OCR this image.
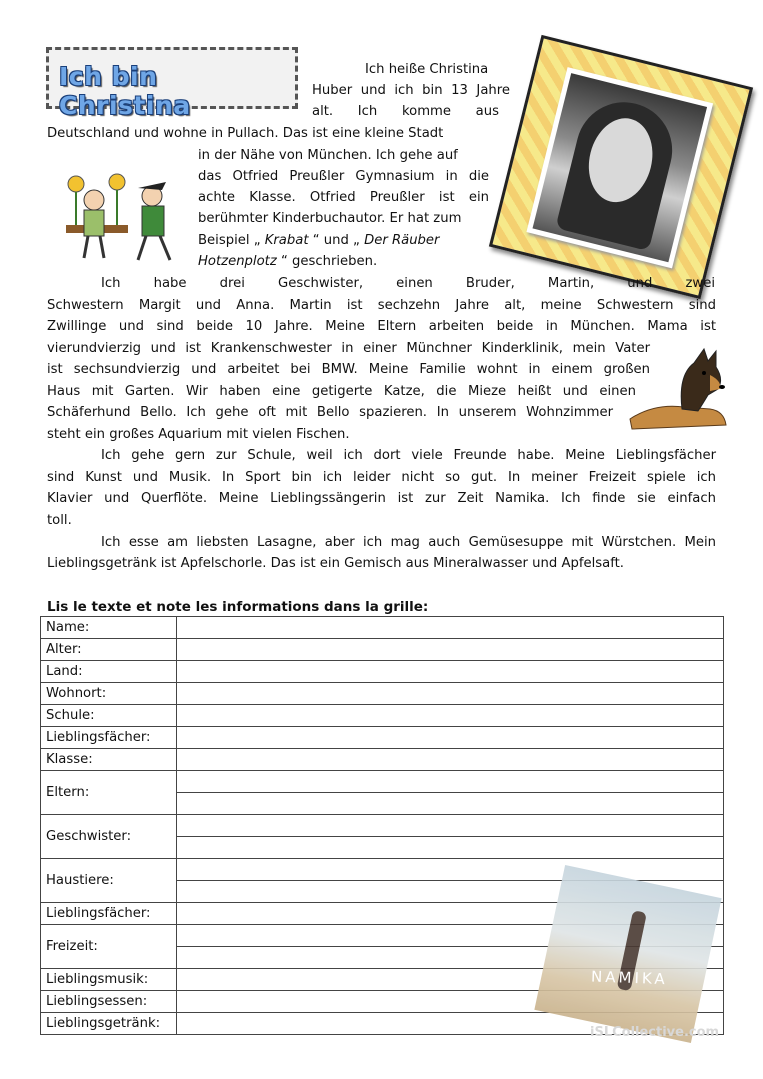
Ich bin Christina
Ich heiße Christina
Huber und ich bin 13 Jahre
alt. Ich komme aus
Deutschland und wohne in Pullach. Das ist eine kleine Stadt
in der Nähe von München. Ich gehe auf
das Otfried Preußler Gymnasium in die
achte Klasse. Otfried Preußler ist ein
berühmter Kinderbuchautor. Er hat zum
Beispiel „ Krabat “ und „ Der Räuber
Hotzenplotz “ geschrieben.
Ich habe drei Geschwister, einen Bruder, Martin, und zwei
Schwestern Margit und Anna. Martin ist sechzehn Jahre alt, meine Schwestern sind
Zwillinge und sind beide 10 Jahre. Meine Eltern arbeiten beide in München. Mama ist
vierundvierzig und ist Krankenschwester in einer Münchner Kinderklinik, mein Vater
ist sechsundvierzig und arbeitet bei BMW. Meine Familie wohnt in einem großen
Haus mit Garten. Wir haben eine getigerte Katze, die Mieze heißt und einen
Schäferhund Bello. Ich gehe oft mit Bello spazieren. In unserem Wohnzimmer
steht ein großes Aquarium mit vielen Fischen.
Ich gehe gern zur Schule, weil ich dort viele Freunde habe. Meine Lieblingsfächer
sind Kunst und Musik. In Sport bin ich leider nicht so gut. In meiner Freizeit spiele ich
Klavier und Querflöte. Meine Lieblingssängerin ist zur Zeit Namika. Ich finde sie einfach
toll.
Ich esse am liebsten Lasagne, aber ich mag auch Gemüsesuppe mit Würstchen. Mein
Lieblingsgetränk ist Apfelschorle. Das ist ein Gemisch aus Mineralwasser und Apfelsaft.
Lis le texte et note les informations dans la grille:
Name:	
Alter:	
Land:	
Wohnort:	
Schule:	
Lieblingsfächer:	
Klasse:	
Eltern:	

Geschwister:	

Haustiere:	

Lieblingsfächer:	
Freizeit:	

Lieblingsmusik:	
Lieblingsessen:	
Lieblingsgetränk:	
NAMIKA
iSLCollective.com
